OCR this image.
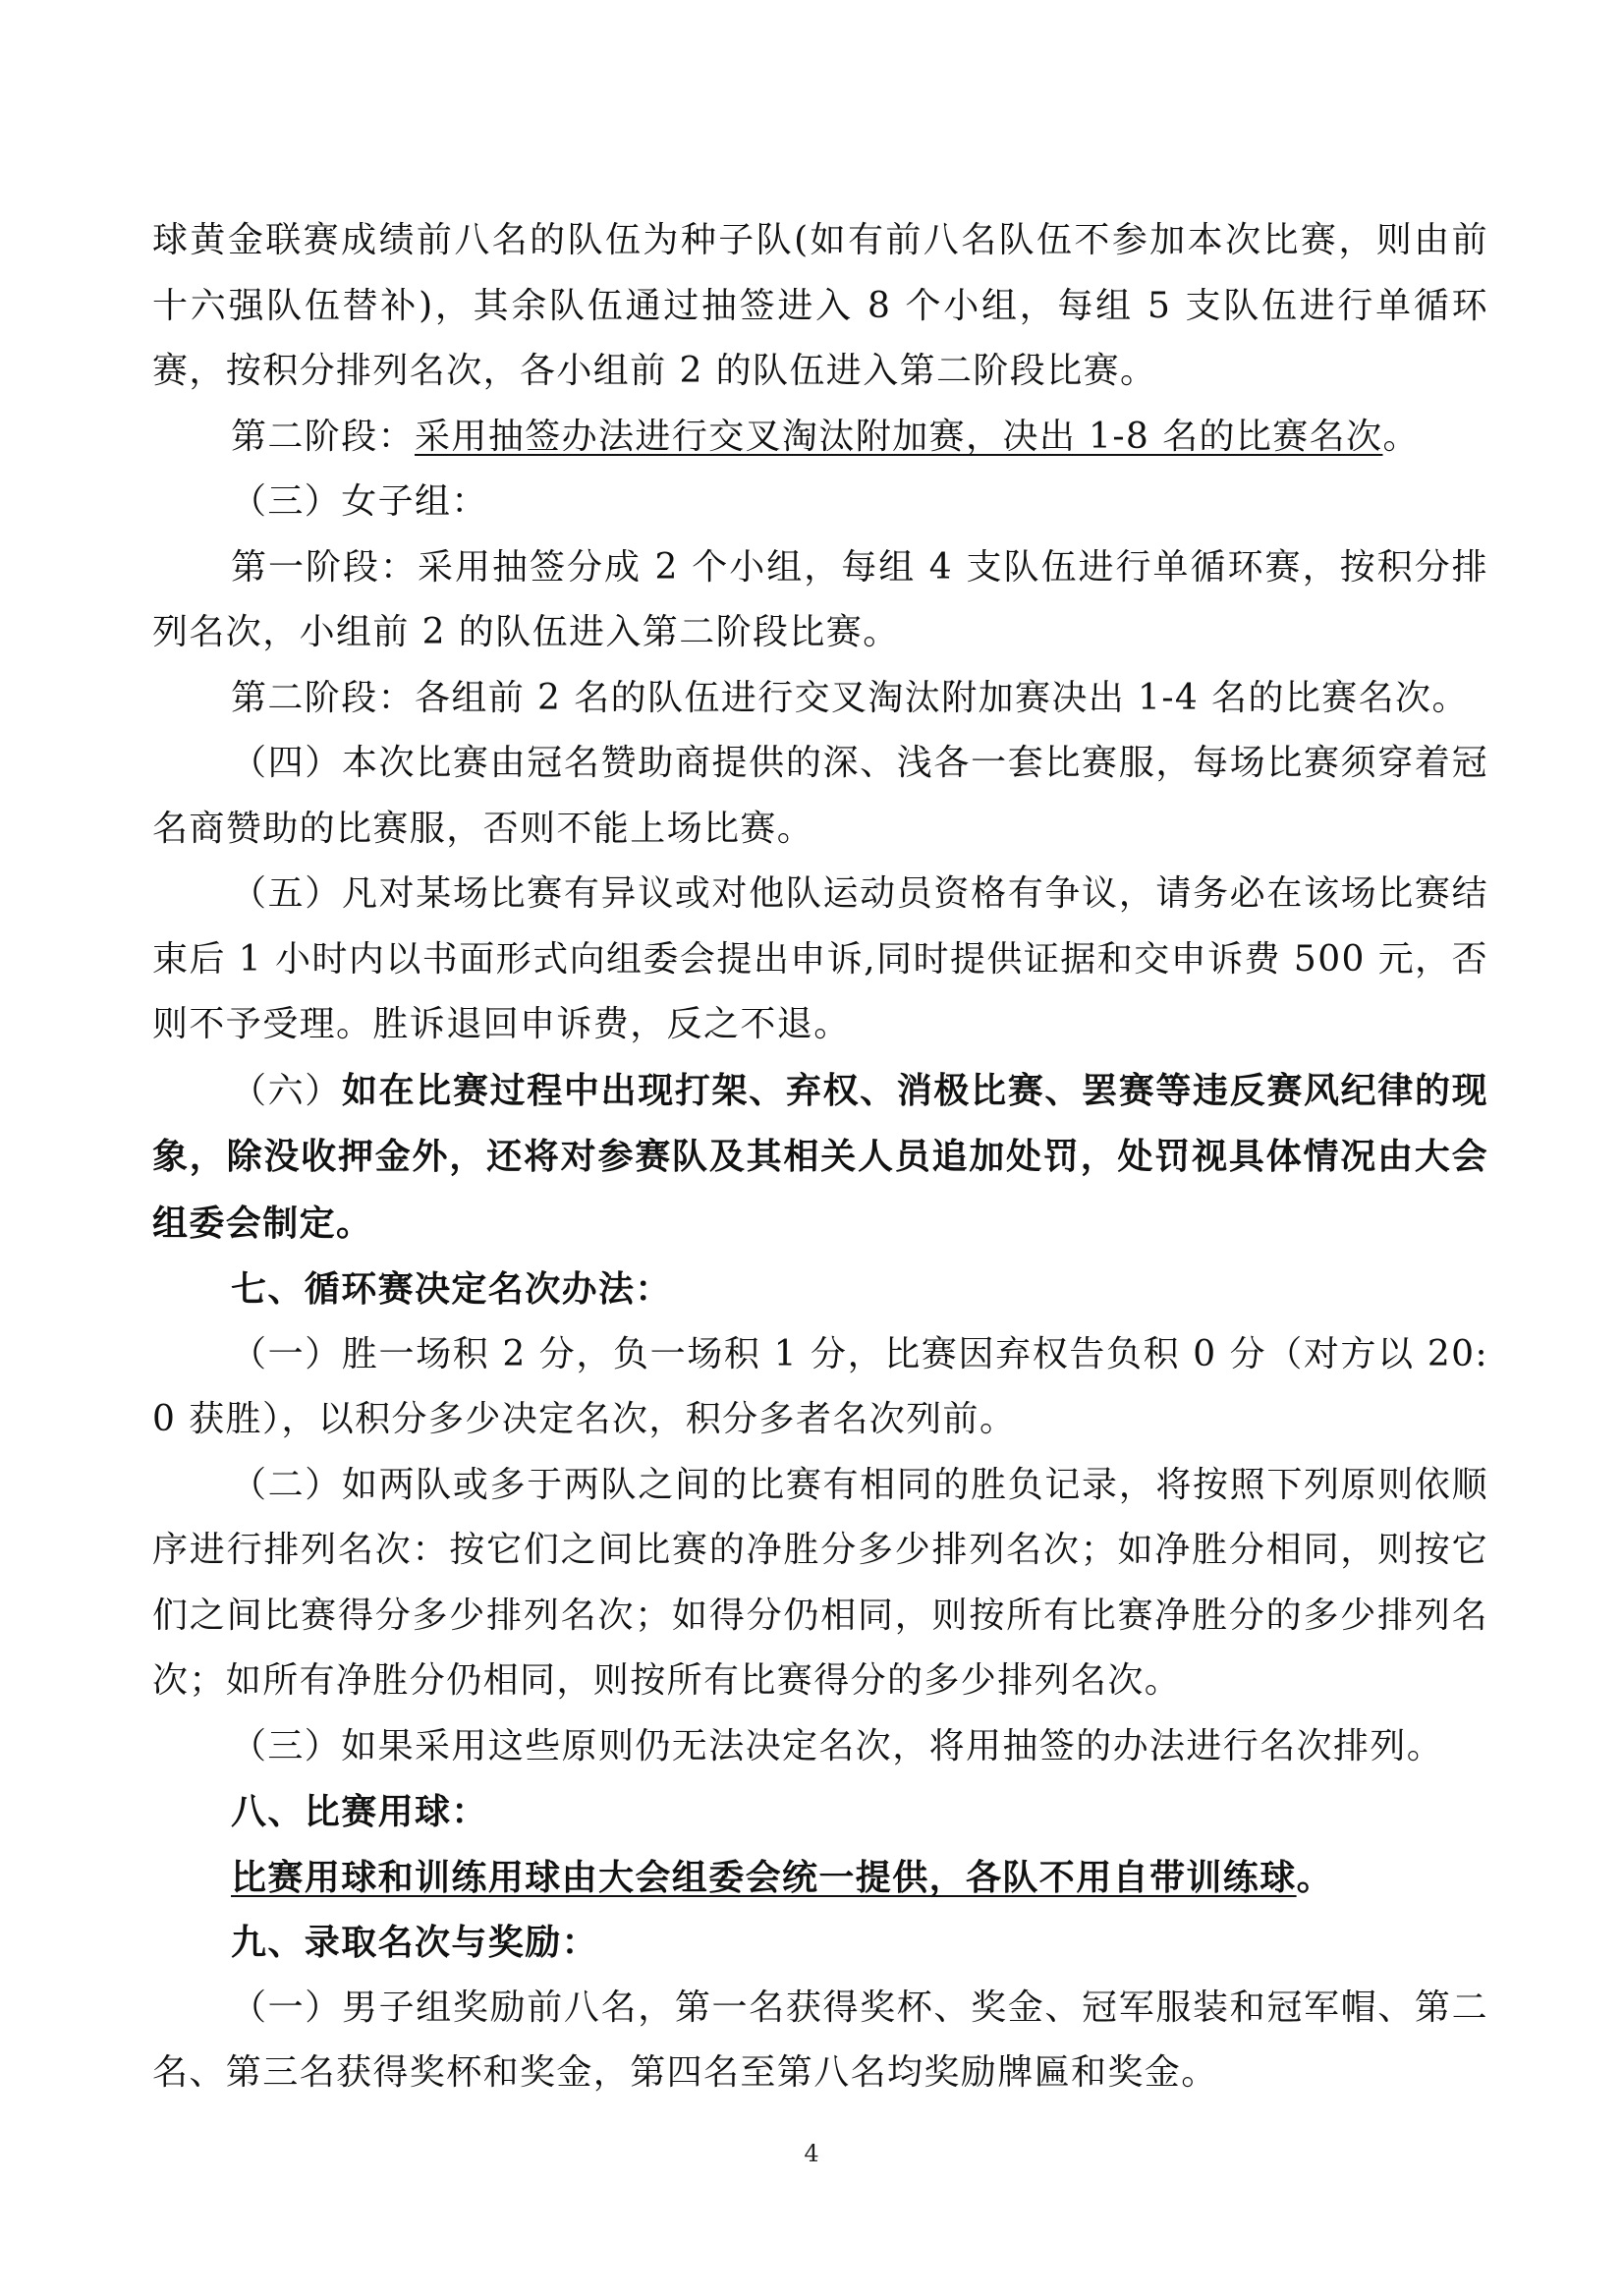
球黄金联赛成绩前八名的队伍为种子队(如有前八名队伍不参加本次比赛，则由前十六强队伍替补)，其余队伍通过抽签进入 8 个小组，每组 5 支队伍进行单循环赛，按积分排列名次，各小组前 2 的队伍进入第二阶段比赛。

第二阶段：采用抽签办法进行交叉淘汰附加赛，决出 1-8 名的比赛名次。

（三）女子组：

第一阶段：采用抽签分成 2 个小组，每组 4 支队伍进行单循环赛，按积分排列名次，小组前 2 的队伍进入第二阶段比赛。

第二阶段：各组前 2 名的队伍进行交叉淘汰附加赛决出 1-4 名的比赛名次。

（四）本次比赛由冠名赞助商提供的深、浅各一套比赛服，每场比赛须穿着冠名商赞助的比赛服，否则不能上场比赛。

（五）凡对某场比赛有异议或对他队运动员资格有争议，请务必在该场比赛结束后 1 小时内以书面形式向组委会提出申诉,同时提供证据和交申诉费 500 元，否则不予受理。胜诉退回申诉费，反之不退。

（六）如在比赛过程中出现打架、弃权、消极比赛、罢赛等违反赛风纪律的现象，除没收押金外，还将对参赛队及其相关人员追加处罚，处罚视具体情况由大会组委会制定。

七、循环赛决定名次办法：

（一）胜一场积 2 分，负一场积 1 分，比赛因弃权告负积 0 分（对方以 20:0 获胜），以积分多少决定名次，积分多者名次列前。

（二）如两队或多于两队之间的比赛有相同的胜负记录，将按照下列原则依顺序进行排列名次：按它们之间比赛的净胜分多少排列名次；如净胜分相同，则按它们之间比赛得分多少排列名次；如得分仍相同，则按所有比赛净胜分的多少排列名次；如所有净胜分仍相同，则按所有比赛得分的多少排列名次。

（三）如果采用这些原则仍无法决定名次，将用抽签的办法进行名次排列。

八、比赛用球：

比赛用球和训练用球由大会组委会统一提供，各队不用自带训练球。

九、录取名次与奖励：

（一）男子组奖励前八名，第一名获得奖杯、奖金、冠军服装和冠军帽、第二名、第三名获得奖杯和奖金，第四名至第八名均奖励牌匾和奖金。

4
